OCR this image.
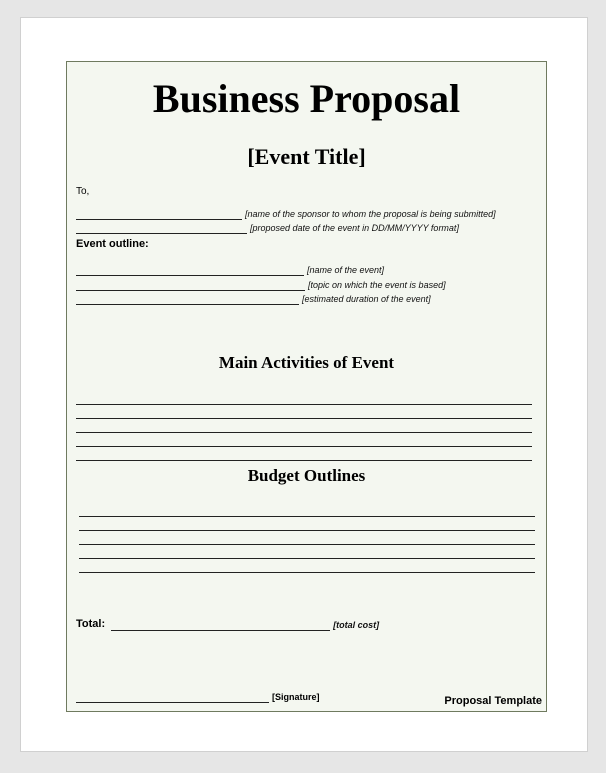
Business Proposal
[Event Title]
To,
[name of the sponsor to whom the proposal is being submitted]
[proposed date of the event in DD/MM/YYYY format]
Event outline:
[name of the event]
[topic on which the event is based]
[estimated duration of the event]
Main Activities of Event
Budget Outlines
Total:	[total cost]
[Signature]	Proposal Template
